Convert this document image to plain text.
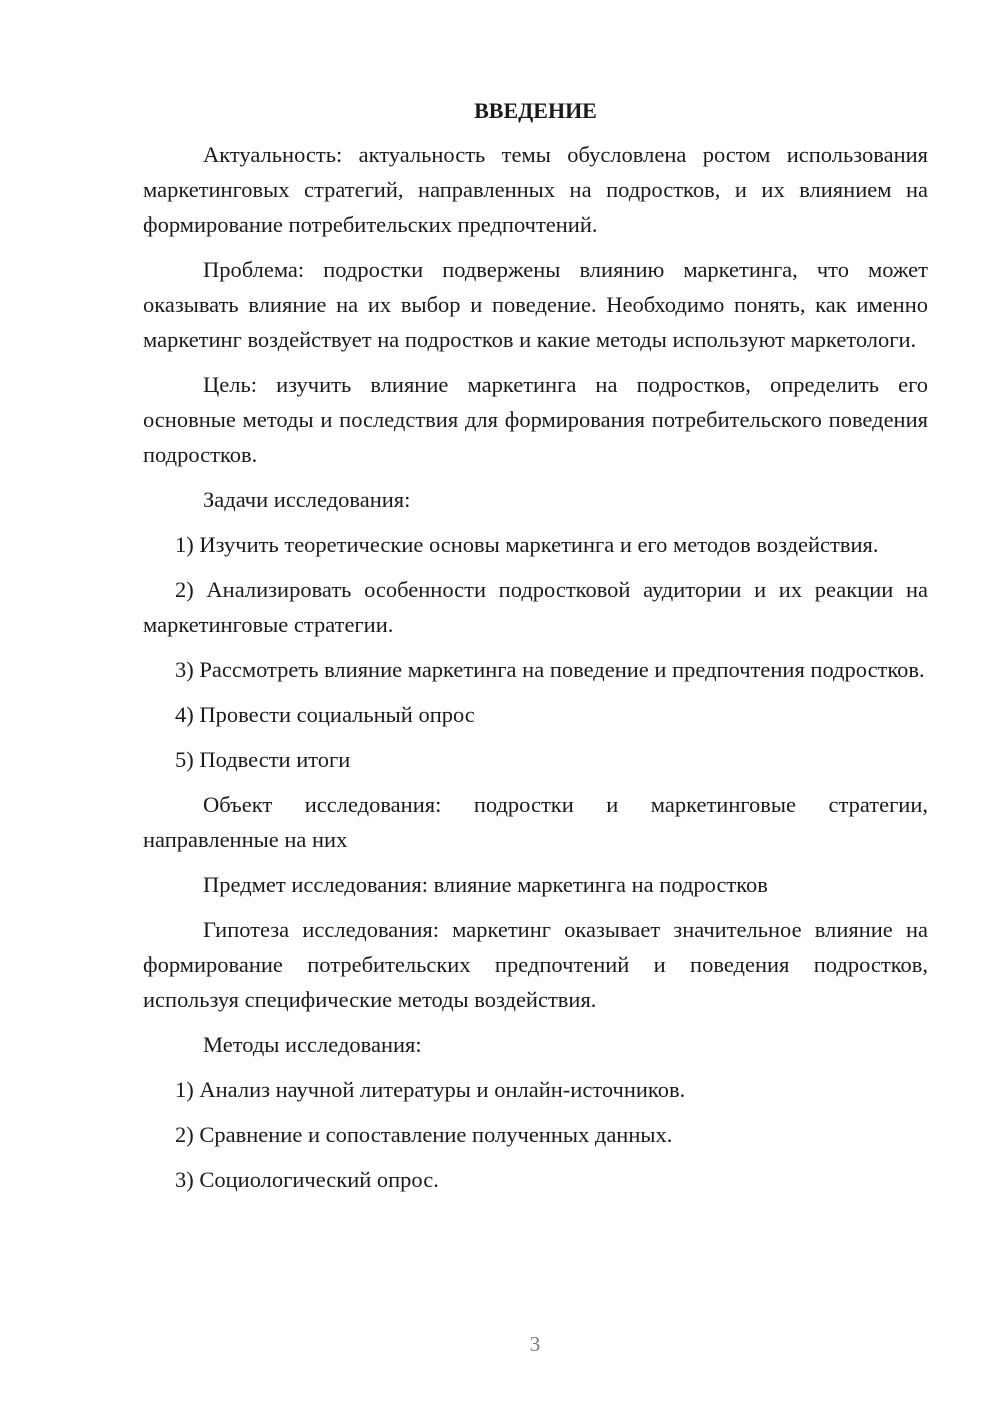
ВВЕДЕНИЕ
Актуальность: актуальность темы обусловлена ростом использования маркетинговых стратегий, направленных на подростков, и их влиянием на формирование потребительских предпочтений.
Проблема: подростки подвержены влиянию маркетинга, что может оказывать влияние на их выбор и поведение. Необходимо понять, как именно маркетинг воздействует на подростков и какие методы используют маркетологи.
Цель: изучить влияние маркетинга на подростков, определить его основные методы и последствия для формирования потребительского поведения подростков.
Задачи исследования:
1) Изучить теоретические основы маркетинга и его методов воздействия.
2) Анализировать особенности подростковой аудитории и их реакции на маркетинговые стратегии.
3) Рассмотреть влияние маркетинга на поведение и предпочтения подростков.
4) Провести социальный опрос
5) Подвести итоги
Объект исследования: подростки и маркетинговые стратегии, направленные на них
Предмет исследования: влияние маркетинга на подростков
Гипотеза исследования: маркетинг оказывает значительное влияние на формирование потребительских предпочтений и поведения подростков, используя специфические методы воздействия.
Методы исследования:
1) Анализ научной литературы и онлайн-источников.
2) Сравнение и сопоставление полученных данных.
3) Социологический опрос.
3
